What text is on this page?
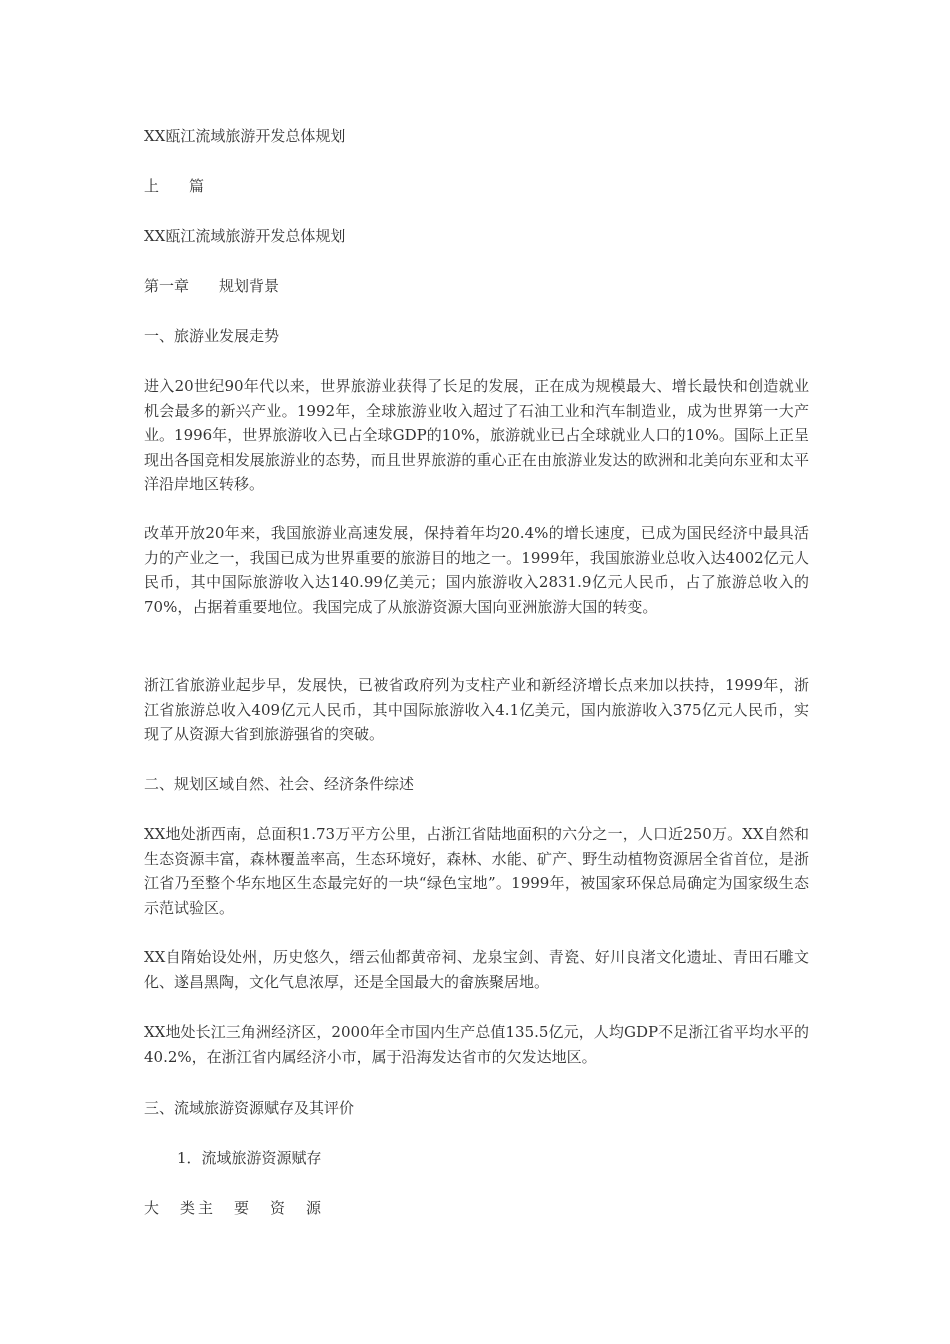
XX瓯江流域旅游开发总体规划

上　　篇

XX瓯江流域旅游开发总体规划

第一章　　规划背景

一、旅游业发展走势

进入20世纪90年代以来，世界旅游业获得了长足的发展，正在成为规模最大、增长最快和创造就业机会最多的新兴产业。1992年，全球旅游业收入超过了石油工业和汽车制造业，成为世界第一大产业。1996年，世界旅游收入已占全球GDP的10%，旅游就业已占全球就业人口的10%。国际上正呈现出各国竞相发展旅游业的态势，而且世界旅游的重心正在由旅游业发达的欧洲和北美向东亚和太平洋沿岸地区转移。

改革开放20年来，我国旅游业高速发展，保持着年均20.4%的增长速度，已成为国民经济中最具活力的产业之一，我国已成为世界重要的旅游目的地之一。1999年，我国旅游业总收入达4002亿元人民币，其中国际旅游收入达140.99亿美元；国内旅游收入2831.9亿元人民币，占了旅游总收入的70%，占据着重要地位。我国完成了从旅游资源大国向亚洲旅游大国的转变。

浙江省旅游业起步早，发展快，已被省政府列为支柱产业和新经济增长点来加以扶持，1999年，浙江省旅游总收入409亿元人民币，其中国际旅游收入4.1亿美元，国内旅游收入375亿元人民币，实现了从资源大省到旅游强省的突破。

二、规划区域自然、社会、经济条件综述

XX地处浙西南，总面积1.73万平方公里，占浙江省陆地面积的六分之一，人口近250万。XX自然和生态资源丰富，森林覆盖率高，生态环境好，森林、水能、矿产、野生动植物资源居全省首位，是浙江省乃至整个华东地区生态最完好的一块“绿色宝地”。1999年，被国家环保总局确定为国家级生态示范试验区。

XX自隋始设处州，历史悠久，缙云仙都黄帝祠、龙泉宝剑、青瓷、好川良渚文化遗址、青田石雕文化、遂昌黑陶，文化气息浓厚，还是全国最大的畲族聚居地。

XX地处长江三角洲经济区，2000年全市国内生产总值135.5亿元，人均GDP不足浙江省平均水平的40.2%，在浙江省内属经济小市，属于沿海发达省市的欠发达地区。

三、流域旅游资源赋存及其评价

1．流域旅游资源赋存

大　类主　要　资　源
